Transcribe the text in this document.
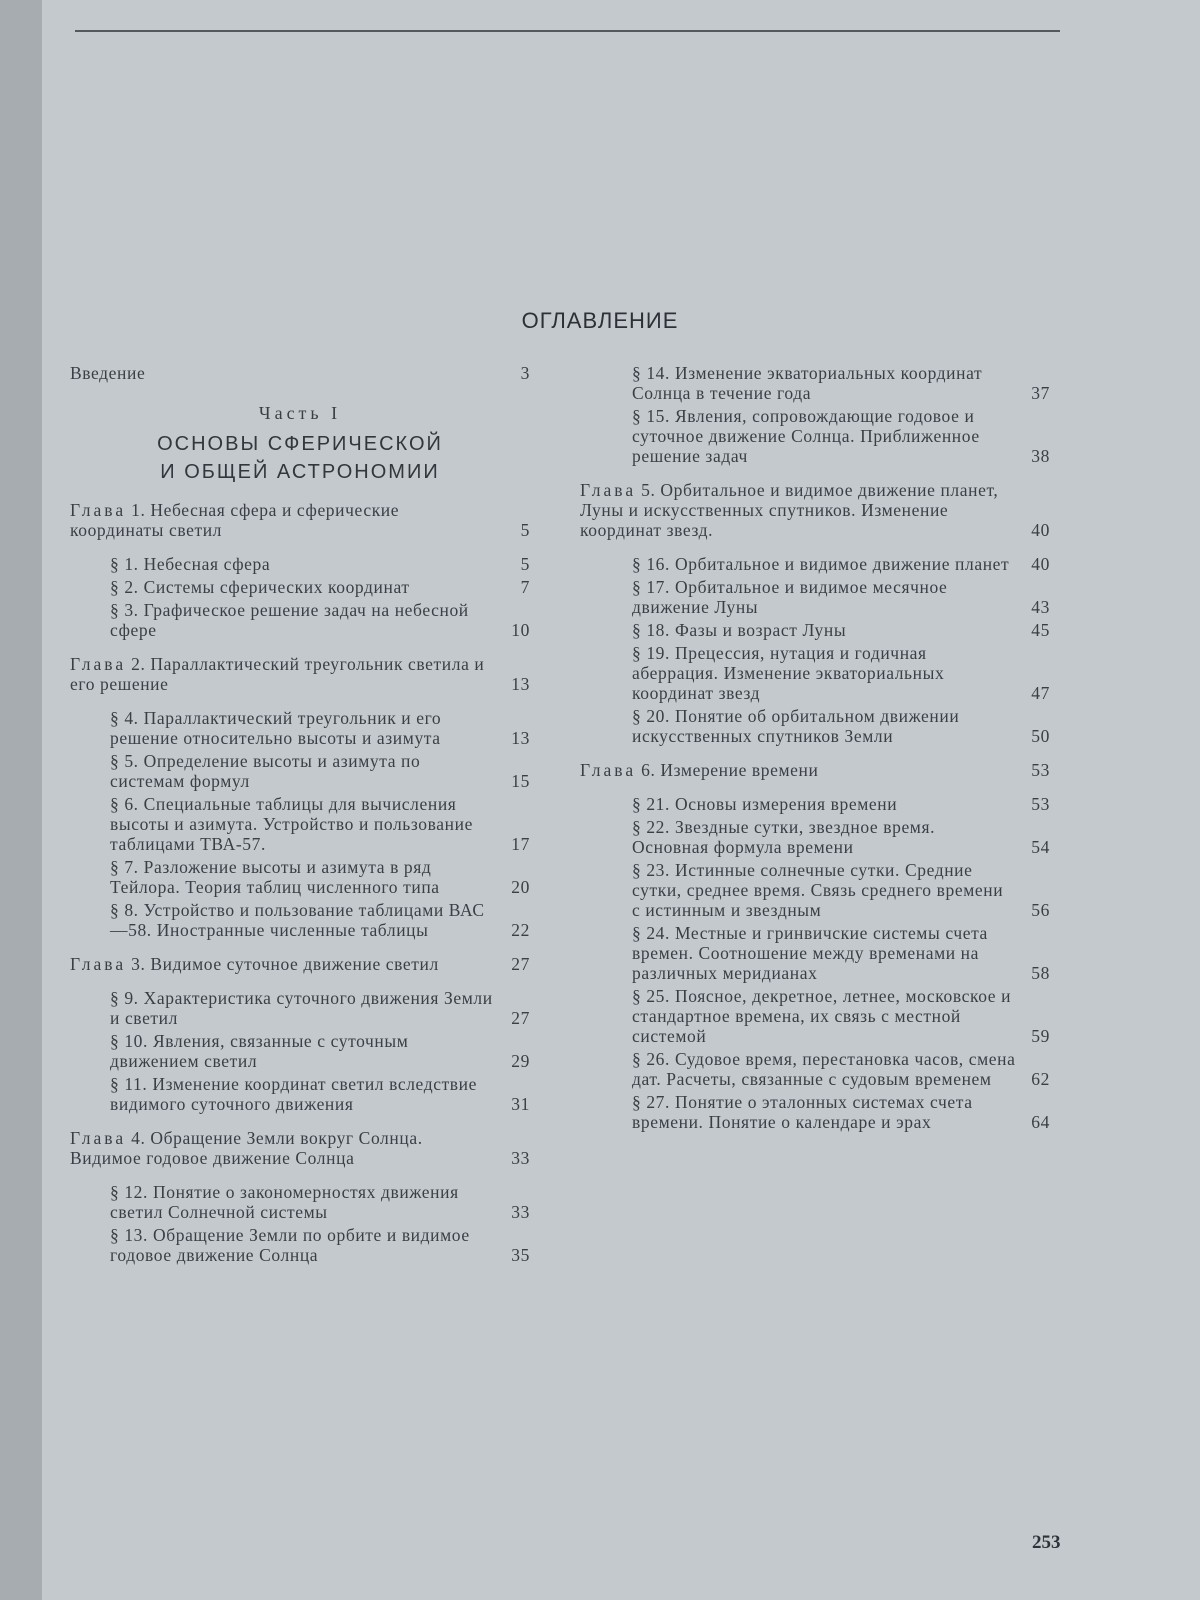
ОГЛАВЛЕНИЕ
Введение	3
Часть I
ОСНОВЫ СФЕРИЧЕСКОЙ
И ОБЩЕЙ АСТРОНОМИИ
Глава 1. Небесная сфера и сферические координаты светил	5
§ 1. Небесная сфера	5
§ 2. Системы сферических координат	7
§ 3. Графическое решение задач на небесной сфере	10
Глава 2. Параллактический треугольник светила и его решение	13
§ 4. Параллактический треугольник и его решение относительно высоты и азимута	13
§ 5. Определение высоты и азимута по системам формул	15
§ 6. Специальные таблицы для вычисления высоты и азимута. Устройство и пользование таблицами ТВА-57.	17
§ 7. Разложение высоты и азимута в ряд Тейлора. Теория таблиц численного типа	20
§ 8. Устройство и пользование таблицами ВАС—58. Иностранные численные таблицы	22
Глава 3. Видимое суточное движение светил	27
§ 9. Характеристика суточного движения Земли и светил	27
§ 10. Явления, связанные с суточным движением светил	29
§ 11. Изменение координат светил вследствие видимого суточного движения	31
Глава 4. Обращение Земли вокруг Солнца. Видимое годовое движение Солнца	33
§ 12. Понятие о закономерностях движения светил Солнечной системы	33
§ 13. Обращение Земли по орбите и видимое годовое движение Солнца	35
§ 14. Изменение экваториальных координат Солнца в течение года	37
§ 15. Явления, сопровождающие годовое и суточное движение Солнца. Приближенное решение задач	38
Глава 5. Орбитальное и видимое движение планет, Луны и искусственных спутников. Изменение координат звезд.	40
§ 16. Орбитальное и видимое движение планет	40
§ 17. Орбитальное и видимое месячное движение Луны	43
§ 18. Фазы и возраст Луны	45
§ 19. Прецессия, нутация и годичная аберрация. Изменение экваториальных координат звезд	47
§ 20. Понятие об орбитальном движении искусственных спутников Земли	50
Глава 6. Измерение времени	53
§ 21. Основы измерения времени	53
§ 22. Звездные сутки, звездное время. Основная формула времени	54
§ 23. Истинные солнечные сутки. Средние сутки, среднее время. Связь среднего времени с истинным и звездным	56
§ 24. Местные и гринвичские системы счета времен. Соотношение между временами на различных меридианах	58
§ 25. Поясное, декретное, летнее, московское и стандартное времена, их связь с местной системой	59
§ 26. Судовое время, перестановка часов, смена дат. Расчеты, связанные с судовым временем	62
§ 27. Понятие о эталонных системах счета времени. Понятие о календаре и эрах	64
253
